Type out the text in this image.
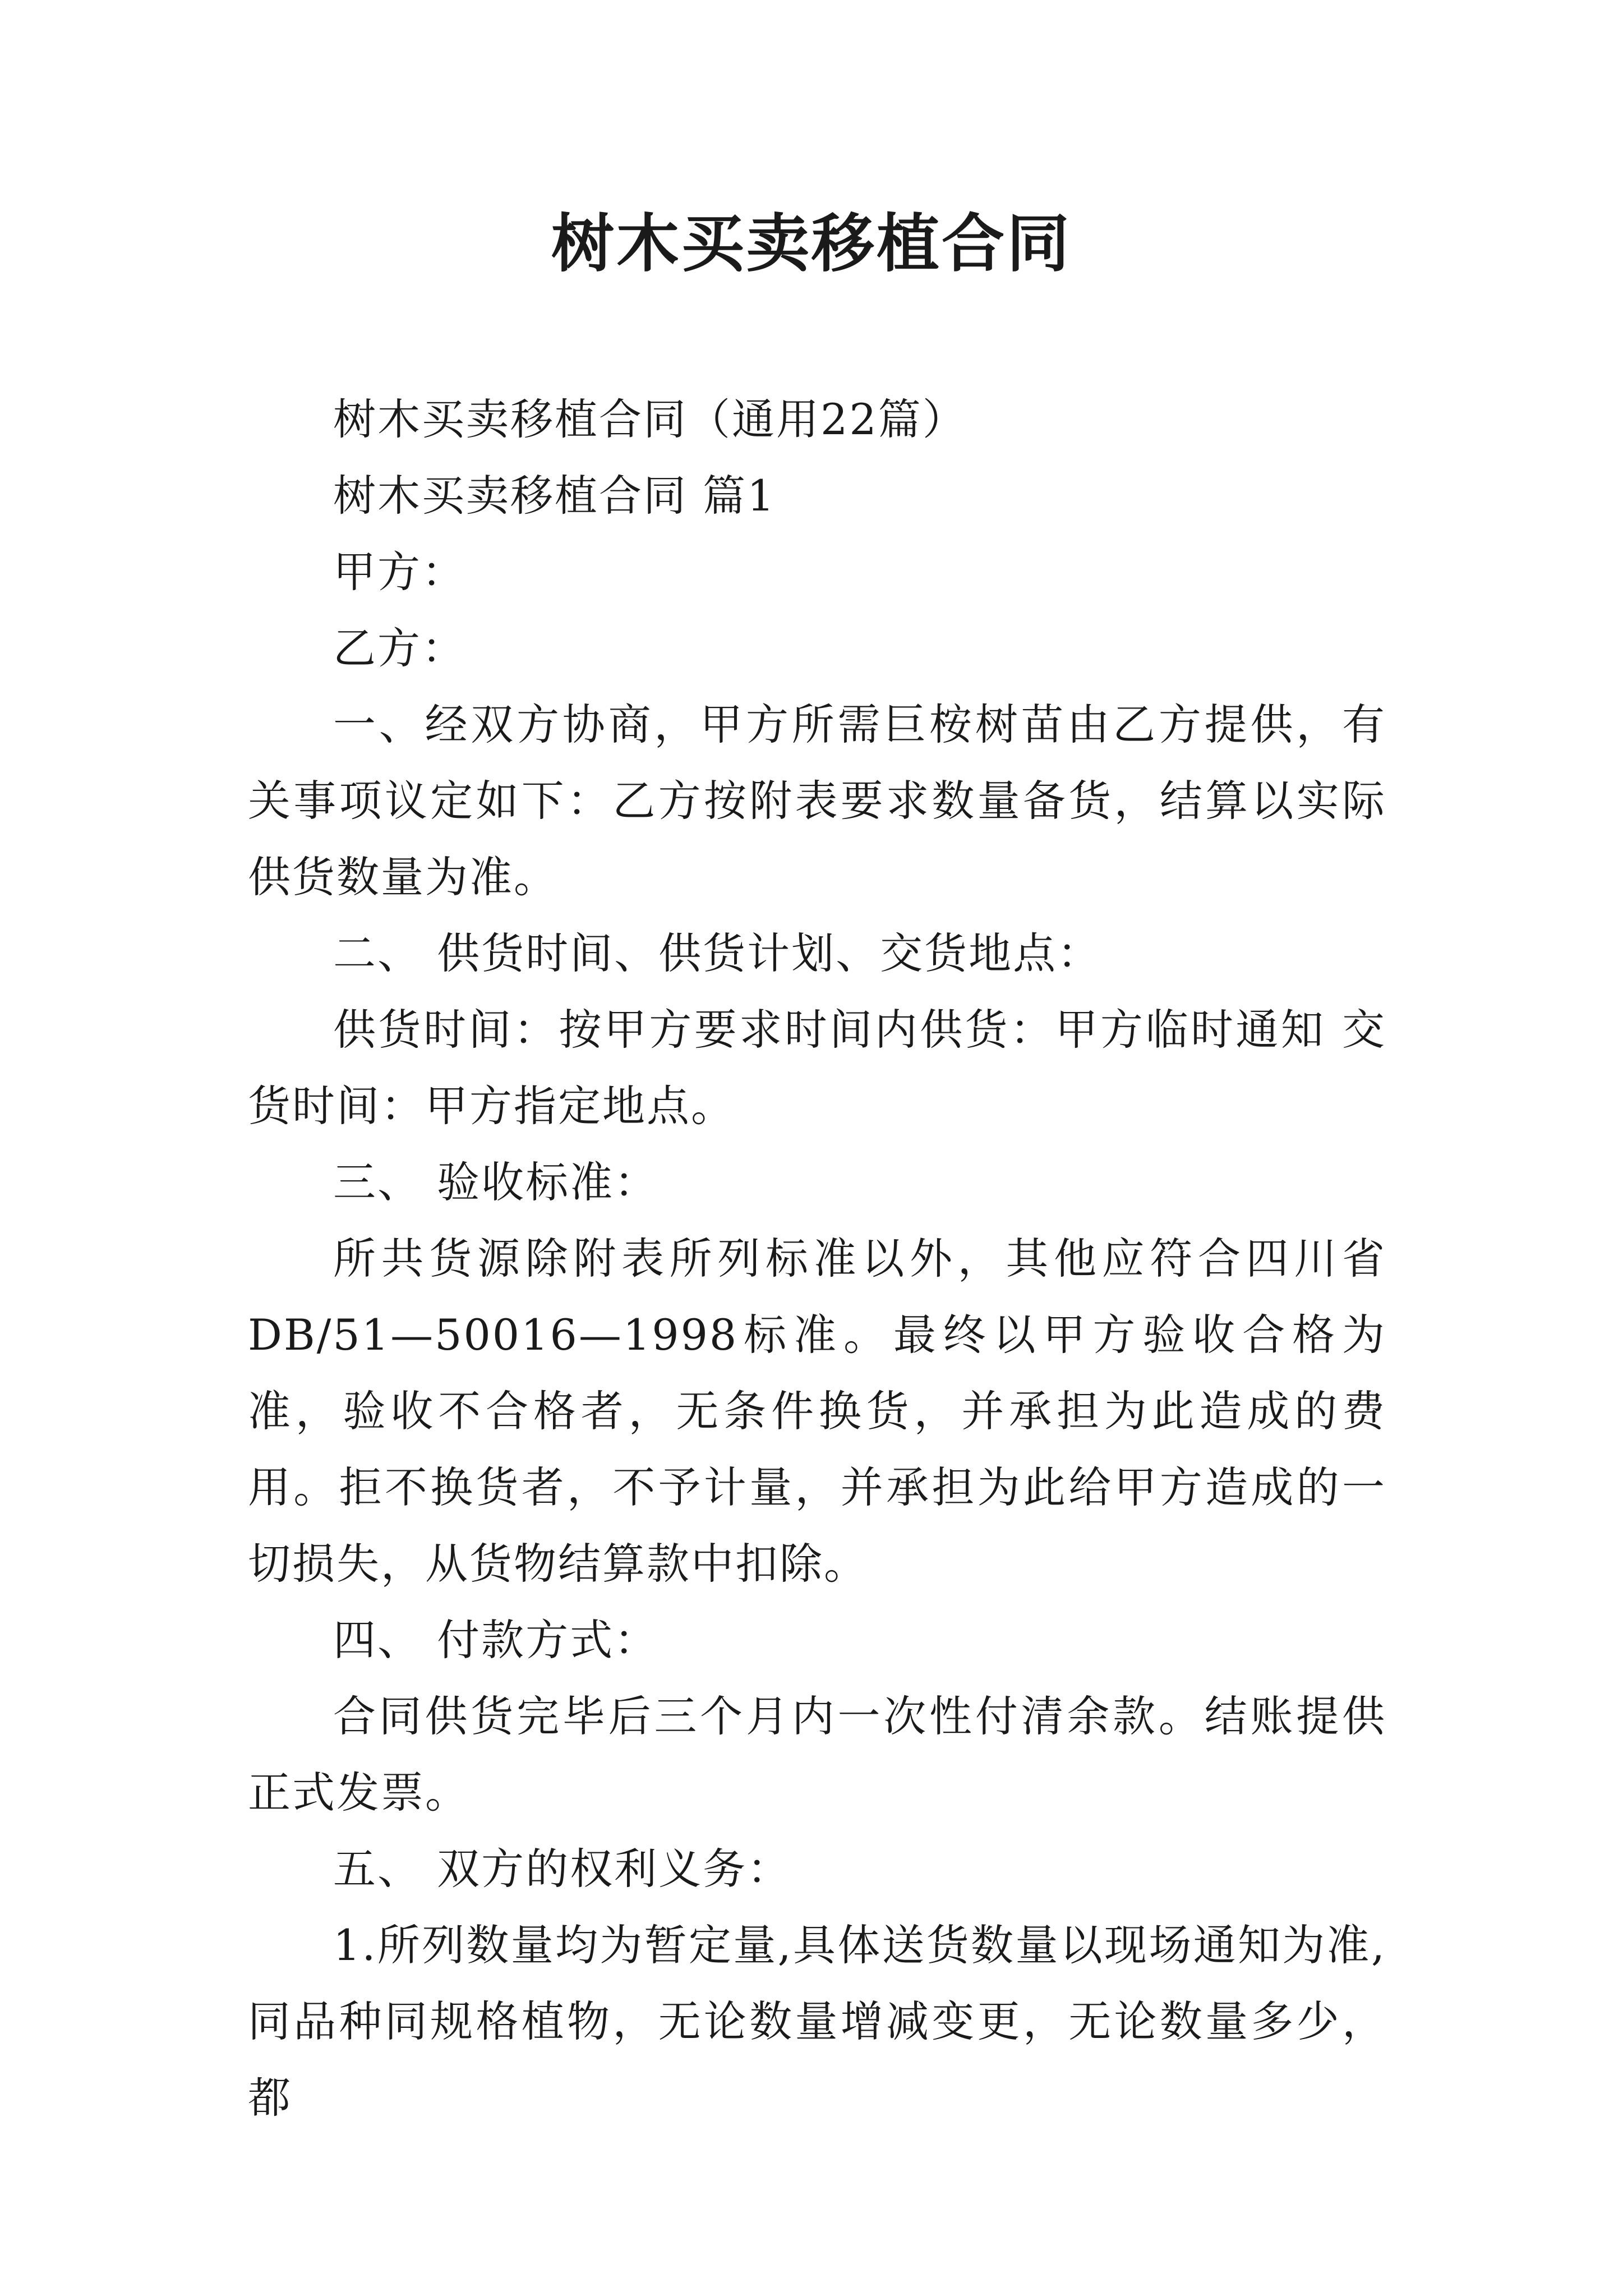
树木买卖移植合同

树木买卖移植合同（通用22篇）

树木买卖移植合同 篇1

甲方：

乙方：

一、经双方协商，甲方所需巨桉树苗由乙方提供，有关事项议定如下：乙方按附表要求数量备货，结算以实际供货数量为准。

二、 供货时间、供货计划、交货地点：

供货时间：按甲方要求时间内供货：甲方临时通知 交货时间：甲方指定地点。

三、 验收标准：

所共货源除附表所列标准以外，其他应符合四川省DB/51—50016—1998标准。最终以甲方验收合格为准，验收不合格者，无条件换货，并承担为此造成的费用。拒不换货者，不予计量，并承担为此给甲方造成的一切损失，从货物结算款中扣除。

四、 付款方式：

合同供货完毕后三个月内一次性付清余款。结账提供正式发票。

五、 双方的权利义务：

1.所列数量均为暂定量,具体送货数量以现场通知为准,同品种同规格植物，无论数量增减变更，无论数量多少，都
